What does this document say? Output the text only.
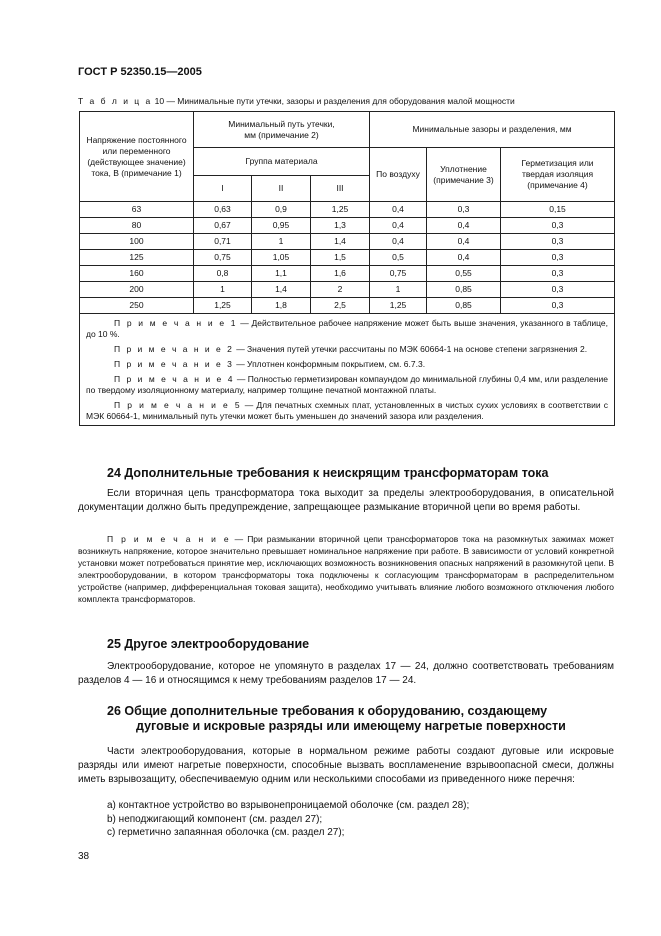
ГОСТ Р 52350.15—2005
Т а б л и ц а 10 — Минимальные пути утечки, зазоры и разделения для оборудования малой мощности
Напряжение постоянного или переменного (действующее значение) тока, В (примечание 1)	Минимальный путь утечки, мм (примечание 2)			Минимальные зазоры и разделения, мм		
	Группа материала			По воздуху	Уплотнение (примечание 3)	Герметизация или твердая изоляция (примечание 4)
	I	II	III			
63	0,63	0,9	1,25	0,4	0,3	0,15
80	0,67	0,95	1,3	0,4	0,4	0,3
100	0,71	1	1,4	0,4	0,4	0,3
125	0,75	1,05	1,5	0,5	0,4	0,3
160	0,8	1,1	1,6	0,75	0,55	0,3
200	1	1,4	2	1	0,85	0,3
250	1,25	1,8	2,5	1,25	0,85	0,3

П р и м е ч а н и е 1 — Действительное рабочее напряжение может быть выше значения, указанного в таблице, до 10 %.

П р и м е ч а н и е 2 — Значения путей утечки рассчитаны по МЭК 60664-1 на основе степени загрязнения 2.

П р и м е ч а н и е 3 — Уплотнен конформным покрытием, см. 6.7.3.

П р и м е ч а н и е 4 — Полностью герметизирован компаундом до минимальной глубины 0,4 мм, или разделение по твердому изоляционному материалу, например толщине печатной монтажной платы.

П р и м е ч а н и е 5 — Для печатных схемных плат, установленных в чистых сухих условиях в соответствии с МЭК 60664-1, минимальный путь утечки может быть уменьшен до значений зазора или разделения.						

24 Дополнительные требования к неискрящим трансформаторам тока

Если вторичная цепь трансформатора тока выходит за пределы электрооборудования, в описательной документации должно быть предупреждение, запрещающее размыкание вторичной цепи во время работы.

П р и м е ч а н и е — При размыкании вторичной цепи трансформаторов тока на разомкнутых зажимах может возникнуть напряжение, которое значительно превышает номинальное напряжение при работе. В зависимости от условий конкретной установки может потребоваться принятие мер, исключающих возможность возникновения опасных напряжений в разомкнутой цепи. В электрооборудовании, в котором трансформаторы тока подключены к согласующим трансформаторам в распределительном устройстве (например, дифференциальная токовая защита), необходимо учитывать влияние любого возможного отключения любого комплекта трансформаторов.

25 Другое электрооборудование

Электрооборудование, которое не упомянуто в разделах 17 — 24, должно соответствовать требованиям разделов 4 — 16 и относящимся к нему требованиям разделов 17 — 24.

26 Общие дополнительные требования к оборудованию, создающему
дуговые и искровые разряды или имеющему нагретые поверхности

Части электрооборудования, которые в нормальном режиме работы создают дуговые или искровые разряды или имеют нагретые поверхности, способные вызвать воспламенение взрывоопасной смеси, должны иметь взрывозащиту, обеспечиваемую одним или несколькими способами из приведенного ниже перечня:

a) контактное устройство во взрывонепроницаемой оболочке (см. раздел 28);
b) неподжигающий компонент (см. раздел 27);
c) герметично запаянная оболочка (см. раздел 27);
38
